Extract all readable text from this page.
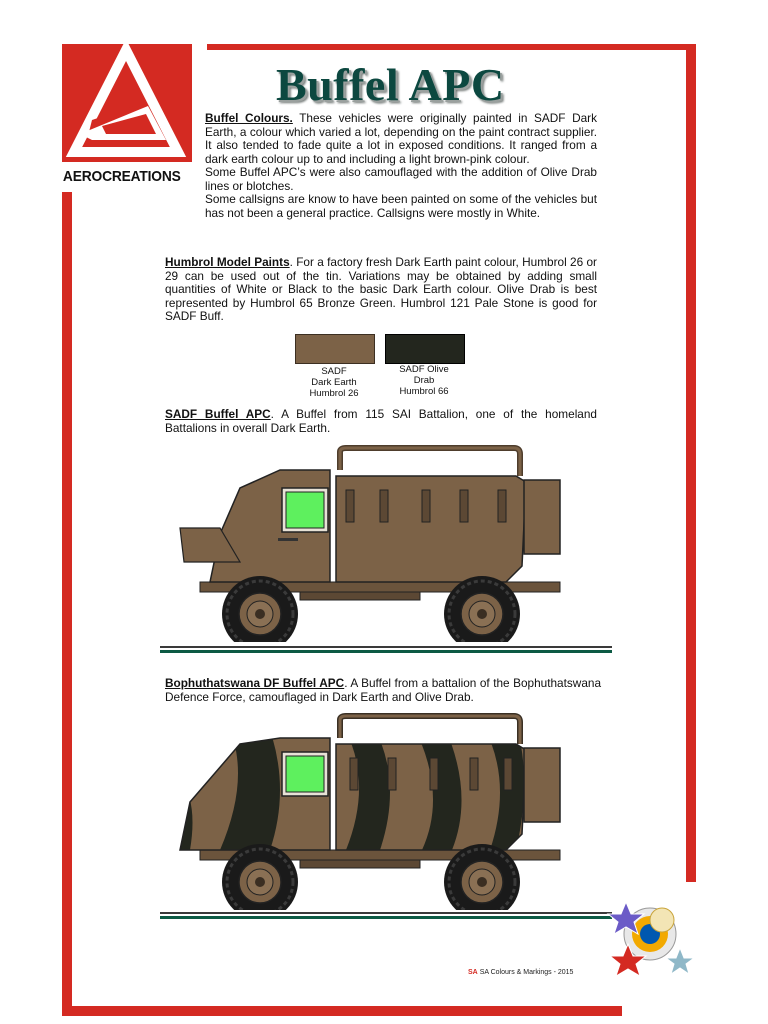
AEROCREATIONS
Buffel APC

Buffel Colours. These vehicles were originally painted in SADF Dark Earth, a colour which varied a lot, depending on the paint contract supplier. It also tended to fade quite a lot in exposed conditions. It ranged from a dark earth colour up to and including a light brown-pink colour.

Some Buffel APC’s were also camouflaged with the addition of Olive Drab lines or blotches.

Some callsigns are know to have been painted on some of the vehicles but has not been a general practice. Callsigns were mostly in White.

Humbrol Model Paints. For a factory fresh Dark Earth paint colour, Humbrol 26 or 29 can be used out of the tin. Variations may be obtained by adding small quantities of White or Black to the basic Dark Earth colour. Olive Drab is best represented by Humbrol 65 Bronze Green. Humbrol 121 Pale Stone is good for SADF Buff.

SADF
Dark Earth
Humbrol 26
SADF Olive
Drab
Humbrol 66

SADF Buffel APC. A Buffel from 115 SAI Battalion, one of the homeland Battalions in overall Dark Earth.

Bophuthatswana DF Buffel APC. A Buffel from a battalion of the Bophuthatswana Defence Force, camouflaged in Dark Earth and Olive Drab.

SA SA Colours & Markings - 2015
